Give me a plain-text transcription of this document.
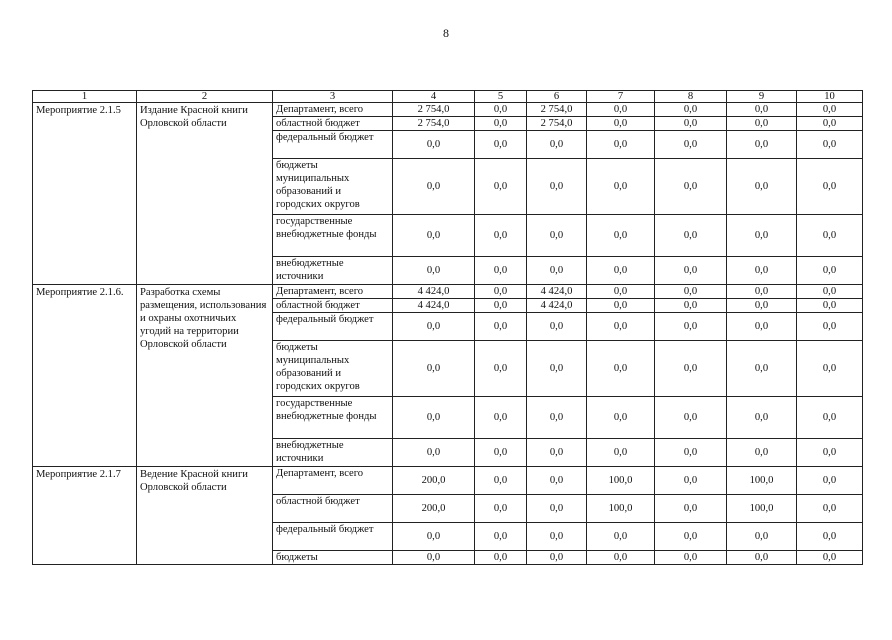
8
1	2	3	4	5	6	7	8	9	10
Мероприятие 2.1.5	Издание Красной книги Орловской области	Департамент, всего	2 754,0	0,0	2 754,0	0,0	0,0	0,0	0,0
		областной бюджет	2 754,0	0,0	2 754,0	0,0	0,0	0,0	0,0
		федеральный бюджет	0,0	0,0	0,0	0,0	0,0	0,0	0,0
		бюджеты муниципальных образований и городских округов	0,0	0,0	0,0	0,0	0,0	0,0	0,0
		государственные внебюджетные фонды	0,0	0,0	0,0	0,0	0,0	0,0	0,0
		внебюджетные источники	0,0	0,0	0,0	0,0	0,0	0,0	0,0
Мероприятие 2.1.6.	Разработка схемы размещения, использования и охраны охотничьих угодий на территории Орловской области	Департамент, всего	4 424,0	0,0	4 424,0	0,0	0,0	0,0	0,0
		областной бюджет	4 424,0	0,0	4 424,0	0,0	0,0	0,0	0,0
		федеральный бюджет	0,0	0,0	0,0	0,0	0,0	0,0	0,0
		бюджеты муниципальных образований и городских округов	0,0	0,0	0,0	0,0	0,0	0,0	0,0
		государственные внебюджетные фонды	0,0	0,0	0,0	0,0	0,0	0,0	0,0
		внебюджетные источники	0,0	0,0	0,0	0,0	0,0	0,0	0,0
Мероприятие 2.1.7	Ведение Красной книги Орловской области	Департамент, всего	200,0	0,0	0,0	100,0	0,0	100,0	0,0
		областной бюджет	200,0	0,0	0,0	100,0	0,0	100,0	0,0
		федеральный бюджет	0,0	0,0	0,0	0,0	0,0	0,0	0,0
		бюджеты	0,0	0,0	0,0	0,0	0,0	0,0	0,0
